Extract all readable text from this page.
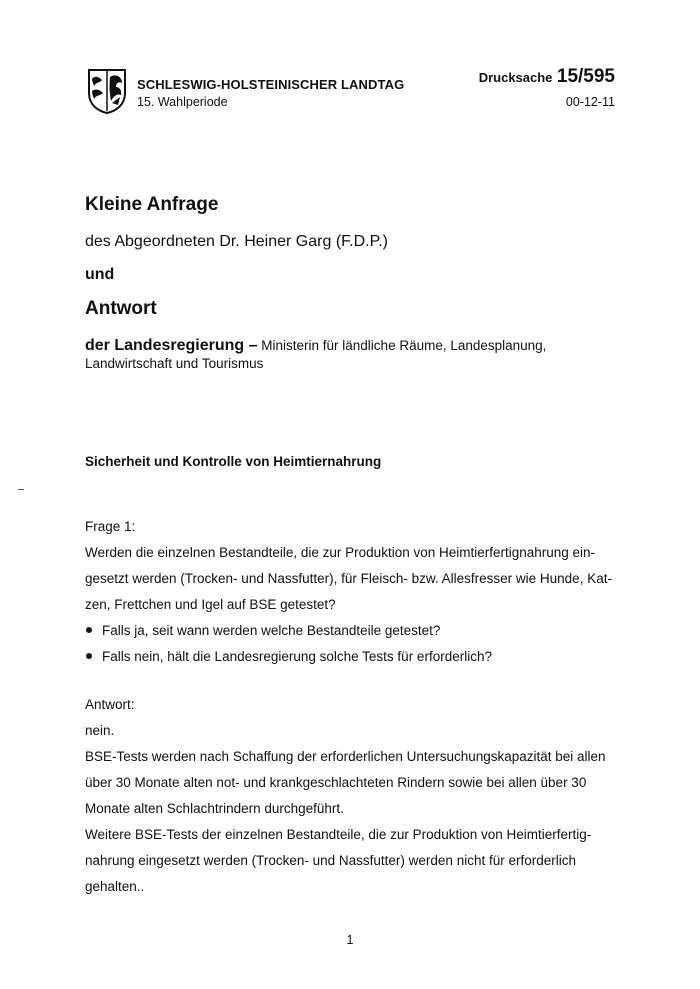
SCHLESWIG-HOLSTEINISCHER LANDTAG
15. Wahlperiode
Drucksache 15/595
00-12-11
Kleine Anfrage
des Abgeordneten Dr. Heiner Garg (F.D.P.)
und
Antwort
der Landesregierung – Ministerin für ländliche Räume, Landesplanung,
Landwirtschaft und Tourismus
Sicherheit und Kontrolle von Heimtiernahrung
Frage 1:
Werden die einzelnen Bestandteile, die zur Produktion von Heimtierfertignahrung ein-
gesetzt werden (Trocken- und Nassfutter), für Fleisch- bzw. Allesfresser wie Hunde, Kat-
zen, Frettchen und Igel auf BSE getestet?
Falls ja, seit wann werden welche Bestandteile getestet?
Falls nein, hält die Landesregierung solche Tests für erforderlich?
Antwort:
nein.
BSE-Tests werden nach Schaffung der erforderlichen Untersuchungskapazität bei allen
über 30 Monate alten not- und krankgeschlachteten Rindern sowie bei allen über 30
Monate alten Schlachtrindern durchgeführt.
Weitere BSE-Tests der einzelnen Bestandteile, die zur Produktion von Heimtierfertig-
nahrung eingesetzt werden (Trocken- und Nassfutter) werden nicht für erforderlich
gehalten..
1
